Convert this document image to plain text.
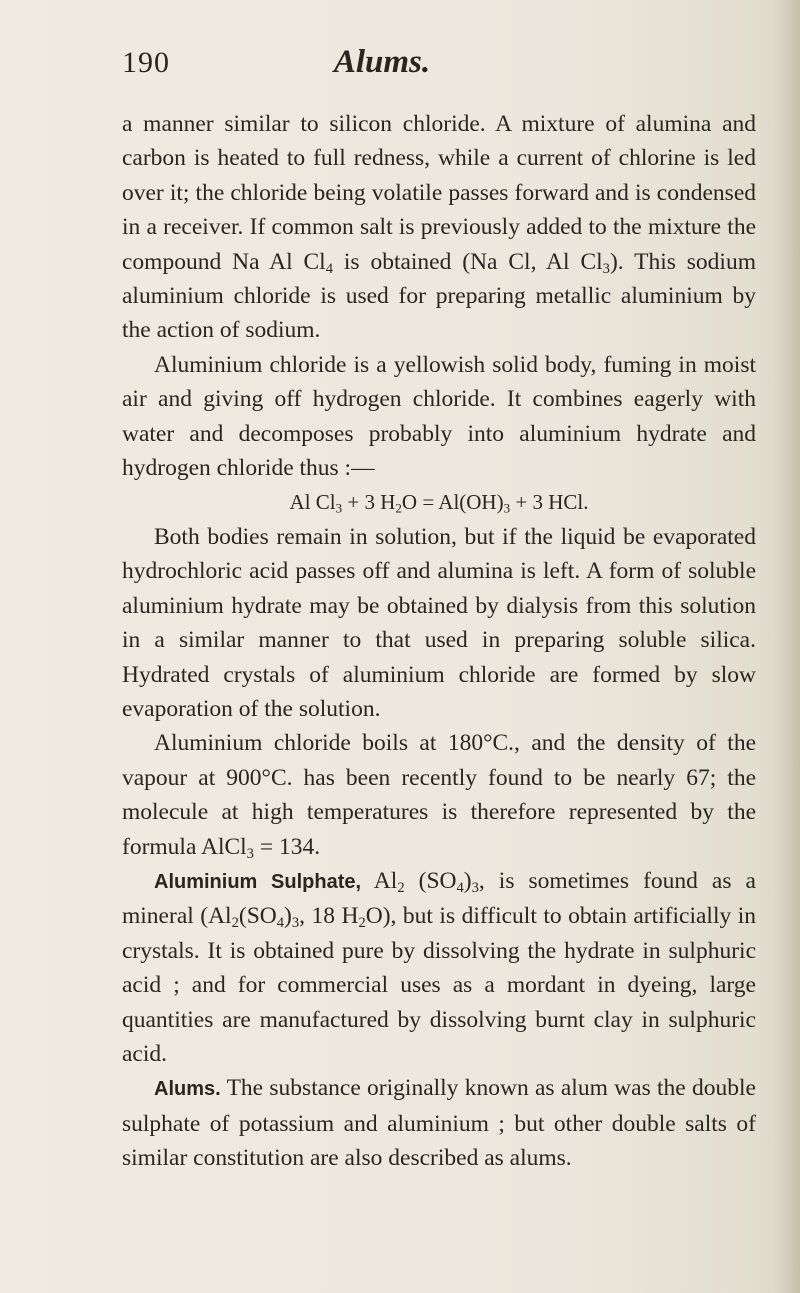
190	Alums.

a manner similar to silicon chloride. A mixture of alumina and carbon is heated to full redness, while a current of chlorine is led over it; the chloride being volatile passes forward and is condensed in a receiver. If common salt is previously added to the mixture the compound Na Al $Cl_4$ is obtained (Na Cl, Al $Cl_3$). This sodium aluminium chloride is used for preparing metallic aluminium by the action of sodium.

Aluminium chloride is a yellowish solid body, fuming in moist air and giving off hydrogen chloride. It combines eagerly with water and decomposes probably into aluminium hydrate and hydrogen chloride thus :—

Al $Cl_3 + 3$ $H_2O = Al(OH)_3 + 3$ HCl.

Both bodies remain in solution, but if the liquid be evaporated hydrochloric acid passes off and alumina is left. A form of soluble aluminium hydrate may be obtained by dialysis from this solution in a similar manner to that used in preparing soluble silica. Hydrated crystals of aluminium chloride are formed by slow evaporation of the solution.

Aluminium chloride boils at 180°C., and the density of the vapour at 900°C. has been recently found to be nearly 67; the molecule at high temperatures is therefore represented by the formula AlCl$_3$ = 134.

Aluminium Sulphate, $Al_2$ $(SO_4)_3$, is sometimes found as a mineral ($Al_2(SO_4)_3$, 18 $H_2O$), but is difficult to obtain artificially in crystals. It is obtained pure by dissolving the hydrate in sulphuric acid ; and for commercial uses as a mordant in dyeing, large quantities are manufactured by dissolving burnt clay in sulphuric acid.

Alums. The substance originally known as alum was the double sulphate of potassium and aluminium ; but other double salts of similar constitution are also described as alums.
